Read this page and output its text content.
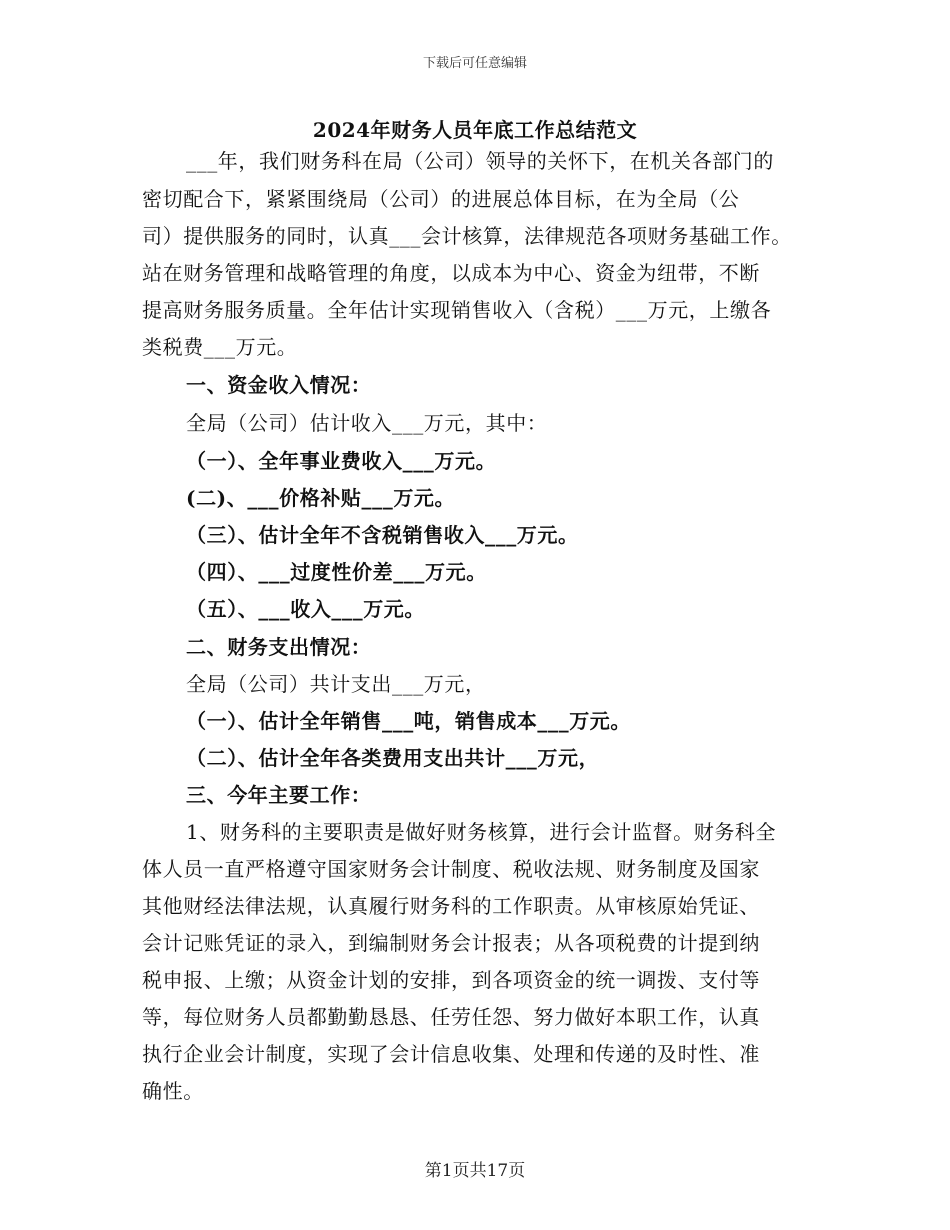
下载后可任意编辑
2024年财务人员年底工作总结范文
___年，我们财务科在局（公司）领导的关怀下，在机关各部门的
密切配合下，紧紧围绕局（公司）的进展总体目标，在为全局（公
司）提供服务的同时，认真___会计核算，法律规范各项财务基础工作。
站在财务管理和战略管理的角度，以成本为中心、资金为纽带，不断
提高财务服务质量。全年估计实现销售收入（含税）___万元，上缴各
类税费___万元。
一、资金收入情况：
全局（公司）估计收入___万元，其中：
（一）、全年事业费收入___万元。
(二)、___价格补贴___万元。
（三）、估计全年不含税销售收入___万元。
（四）、___过度性价差___万元。
（五）、___收入___万元。
二、财务支出情况：
全局（公司）共计支出___万元，
（一）、估计全年销售___吨，销售成本___万元。
（二）、估计全年各类费用支出共计___万元，
三、今年主要工作：
1、财务科的主要职责是做好财务核算，进行会计监督。财务科全
体人员一直严格遵守国家财务会计制度、税收法规、财务制度及国家
其他财经法律法规，认真履行财务科的工作职责。从审核原始凭证、
会计记账凭证的录入，到编制财务会计报表；从各项税费的计提到纳
税申报、上缴；从资金计划的安排，到各项资金的统一调拨、支付等
等，每位财务人员都勤勤恳恳、任劳任怨、努力做好本职工作，认真
执行企业会计制度，实现了会计信息收集、处理和传递的及时性、准
确性。
第1页共17页
